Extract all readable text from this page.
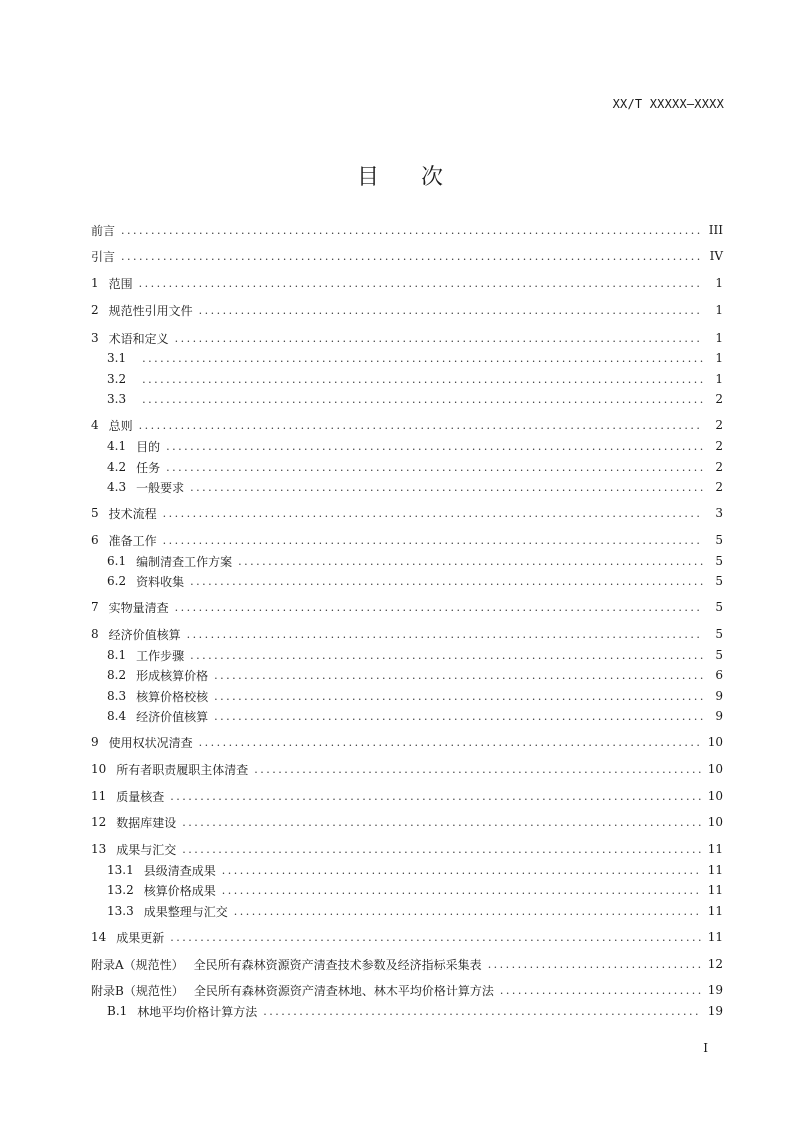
XX/T XXXXX—XXXX
目 次
前言 .....	III
引言 .....	IV
1 范围 .....	1
2 规范性引用文件 .....	1
3 术语和定义 .....	1
3.1 .....	1
3.2 .....	1
3.3 .....	2
4 总则 .....	2
4.1 目的 .....	2
4.2 任务 .....	2
4.3 一般要求 .....	2
5 技术流程 .....	3
6 准备工作 .....	5
6.1 编制清查工作方案 .....	5
6.2 资料收集 .....	5
7 实物量清查 .....	5
8 经济价值核算 .....	5
8.1 工作步骤 .....	5
8.2 形成核算价格 .....	6
8.3 核算价格校核 .....	9
8.4 经济价值核算 .....	9
9 使用权状况清查 .....	10
10 所有者职责履职主体清查 .....	10
11 质量核查 .....	10
12 数据库建设 .....	10
13 成果与汇交 .....	11
13.1 县级清查成果 .....	11
13.2 核算价格成果 .....	11
13.3 成果整理与汇交 .....	11
14 成果更新 .....	11
附录A（规范性） 全民所有森林资源资产清查技术参数及经济指标采集表 .....	12
附录B（规范性） 全民所有森林资源资产清查林地、林木平均价格计算方法 .....	19
B.1 林地平均价格计算方法 .....	19
I
